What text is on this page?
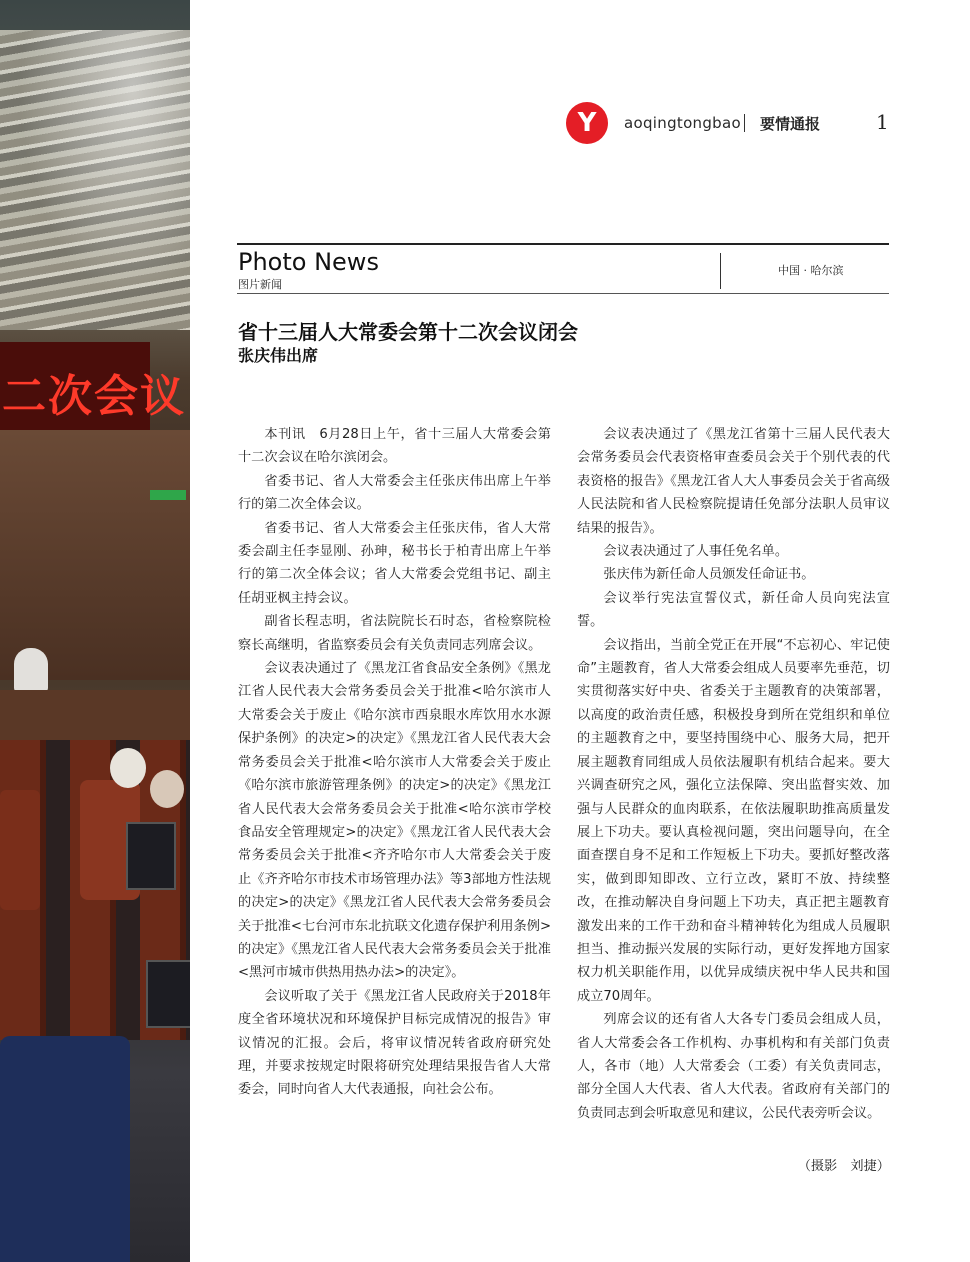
二次会议
Y	aoqingtongbao 要情通报	1
Photo News
图片新闻
中国 · 哈尔滨
省十三届人大常委会第十二次会议闭会
张庆伟出席

本刊讯　6月28日上午，省十三届人大常委会第十二次会议在哈尔滨闭会。

省委书记、省人大常委会主任张庆伟出席上午举行的第二次全体会议。

省委书记、省人大常委会主任张庆伟，省人大常委会副主任李显刚、孙珅，秘书长于柏青出席上午举行的第二次全体会议；省人大常委会党组书记、副主任胡亚枫主持会议。

副省长程志明，省法院院长石时态，省检察院检察长高继明，省监察委员会有关负责同志列席会议。

会议表决通过了《黑龙江省食品安全条例》《黑龙江省人民代表大会常务委员会关于批准<哈尔滨市人大常委会关于废止《哈尔滨市西泉眼水库饮用水水源保护条例》的决定>的决定》《黑龙江省人民代表大会常务委员会关于批准<哈尔滨市人大常委会关于废止《哈尔滨市旅游管理条例》的决定>的决定》《黑龙江省人民代表大会常务委员会关于批准<哈尔滨市学校食品安全管理规定>的决定》《黑龙江省人民代表大会常务委员会关于批准<齐齐哈尔市人大常委会关于废止《齐齐哈尔市技术市场管理办法》等3部地方性法规的决定>的决定》《黑龙江省人民代表大会常务委员会关于批准<七台河市东北抗联文化遗存保护利用条例>的决定》《黑龙江省人民代表大会常务委员会关于批准<黑河市城市供热用热办法>的决定》。

会议听取了关于《黑龙江省人民政府关于2018年度全省环境状况和环境保护目标完成情况的报告》审议情况的汇报。会后，将审议情况转省政府研究处理，并要求按规定时限将研究处理结果报告省人大常委会，同时向省人大代表通报，向社会公布。

会议表决通过了《黑龙江省第十三届人民代表大会常务委员会代表资格审查委员会关于个别代表的代表资格的报告》《黑龙江省人大人事委员会关于省高级人民法院和省人民检察院提请任免部分法职人员审议结果的报告》。

会议表决通过了人事任免名单。

张庆伟为新任命人员颁发任命证书。

会议举行宪法宣誓仪式，新任命人员向宪法宣誓。

会议指出，当前全党正在开展“不忘初心、牢记使命”主题教育，省人大常委会组成人员要率先垂范，切实贯彻落实好中央、省委关于主题教育的决策部署，以高度的政治责任感，积极投身到所在党组织和单位的主题教育之中，要坚持围绕中心、服务大局，把开展主题教育同组成人员依法履职有机结合起来。要大兴调查研究之风，强化立法保障、突出监督实效、加强与人民群众的血肉联系，在依法履职助推高质量发展上下功夫。要认真检视问题，突出问题导向，在全面查摆自身不足和工作短板上下功夫。要抓好整改落实，做到即知即改、立行立改，紧盯不放、持续整改，在推动解决自身问题上下功夫，真正把主题教育激发出来的工作干劲和奋斗精神转化为组成人员履职担当、推动振兴发展的实际行动，更好发挥地方国家权力机关职能作用，以优异成绩庆祝中华人民共和国成立70周年。

列席会议的还有省人大各专门委员会组成人员，省人大常委会各工作机构、办事机构和有关部门负责人，各市（地）人大常委会（工委）有关负责同志，部分全国人大代表、省人大代表。省政府有关部门的负责同志到会听取意见和建议，公民代表旁听会议。

（摄影　刘捷）
